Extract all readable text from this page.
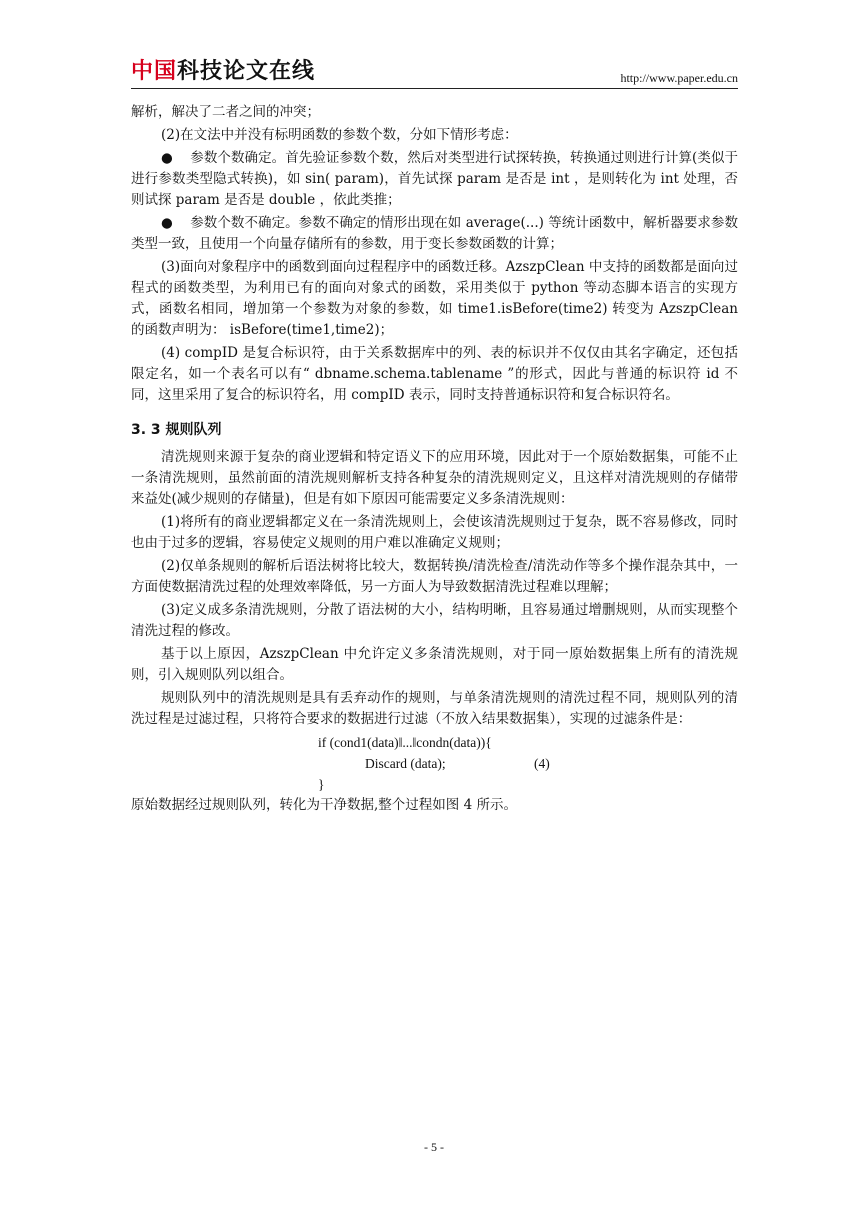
中国 科技论文在线	http://www.paper.edu.cn

解析，解决了二者之间的冲突；

(2)在文法中并没有标明函数的参数个数，分如下情形考虑：

● 参数个数确定。首先验证参数个数，然后对类型进行试探转换，转换通过则进行计算(类似于进行参数类型隐式转换)，如 sin( param)，首先试探 param 是否是 int ，是则转化为 int 处理，否则试探 param 是否是 double ，依此类推；

● 参数个数不确定。参数不确定的情形出现在如 average(...) 等统计函数中，解析器要求参数类型一致，且使用一个向量存储所有的参数，用于变长参数函数的计算；

(3)面向对象程序中的函数到面向过程程序中的函数迁移。AzszpClean 中支持的函数都是面向过程式的函数类型，为利用已有的面向对象式的函数，采用类似于 python 等动态脚本语言的实现方式，函数名相同，增加第一个参数为对象的参数，如 time1.isBefore(time2) 转变为 AzszpClean 的函数声明为： isBefore(time1,time2)；

(4) compID 是复合标识符，由于关系数据库中的列、表的标识并不仅仅由其名字确定，还包括限定名，如一个表名可以有“ dbname.schema.tablename ”的形式，因此与普通的标识符 id 不同，这里采用了复合的标识符名，用 compID 表示，同时支持普通标识符和复合标识符名。

3. 3 规则队列

清洗规则来源于复杂的商业逻辑和特定语义下的应用环境，因此对于一个原始数据集，可能不止一条清洗规则，虽然前面的清洗规则解析支持各种复杂的清洗规则定义，且这样对清洗规则的存储带来益处(减少规则的存储量)，但是有如下原因可能需要定义多条清洗规则：

(1)将所有的商业逻辑都定义在一条清洗规则上，会使该清洗规则过于复杂，既不容易修改，同时也由于过多的逻辑，容易使定义规则的用户难以准确定义规则；

(2)仅单条规则的解析后语法树将比较大，数据转换/清洗检查/清洗动作等多个操作混杂其中，一方面使数据清洗过程的处理效率降低，另一方面人为导致数据清洗过程难以理解；

(3)定义成多条清洗规则，分散了语法树的大小，结构明晰，且容易通过增删规则，从而实现整个清洗过程的修改。

基于以上原因，AzszpClean 中允许定义多条清洗规则，对于同一原始数据集上所有的清洗规则，引入规则队列以组合。

规则队列中的清洗规则是具有丢弃动作的规则，与单条清洗规则的清洗过程不同，规则队列的清洗过程是过滤过程，只将符合要求的数据进行过滤（不放入结果数据集），实现的过滤条件是：

if (cond1(data)‖...‖condn(data)){
Discard (data);	(4)
}

原始数据经过规则队列，转化为干净数据,整个过程如图 4 所示。

- 5 -
